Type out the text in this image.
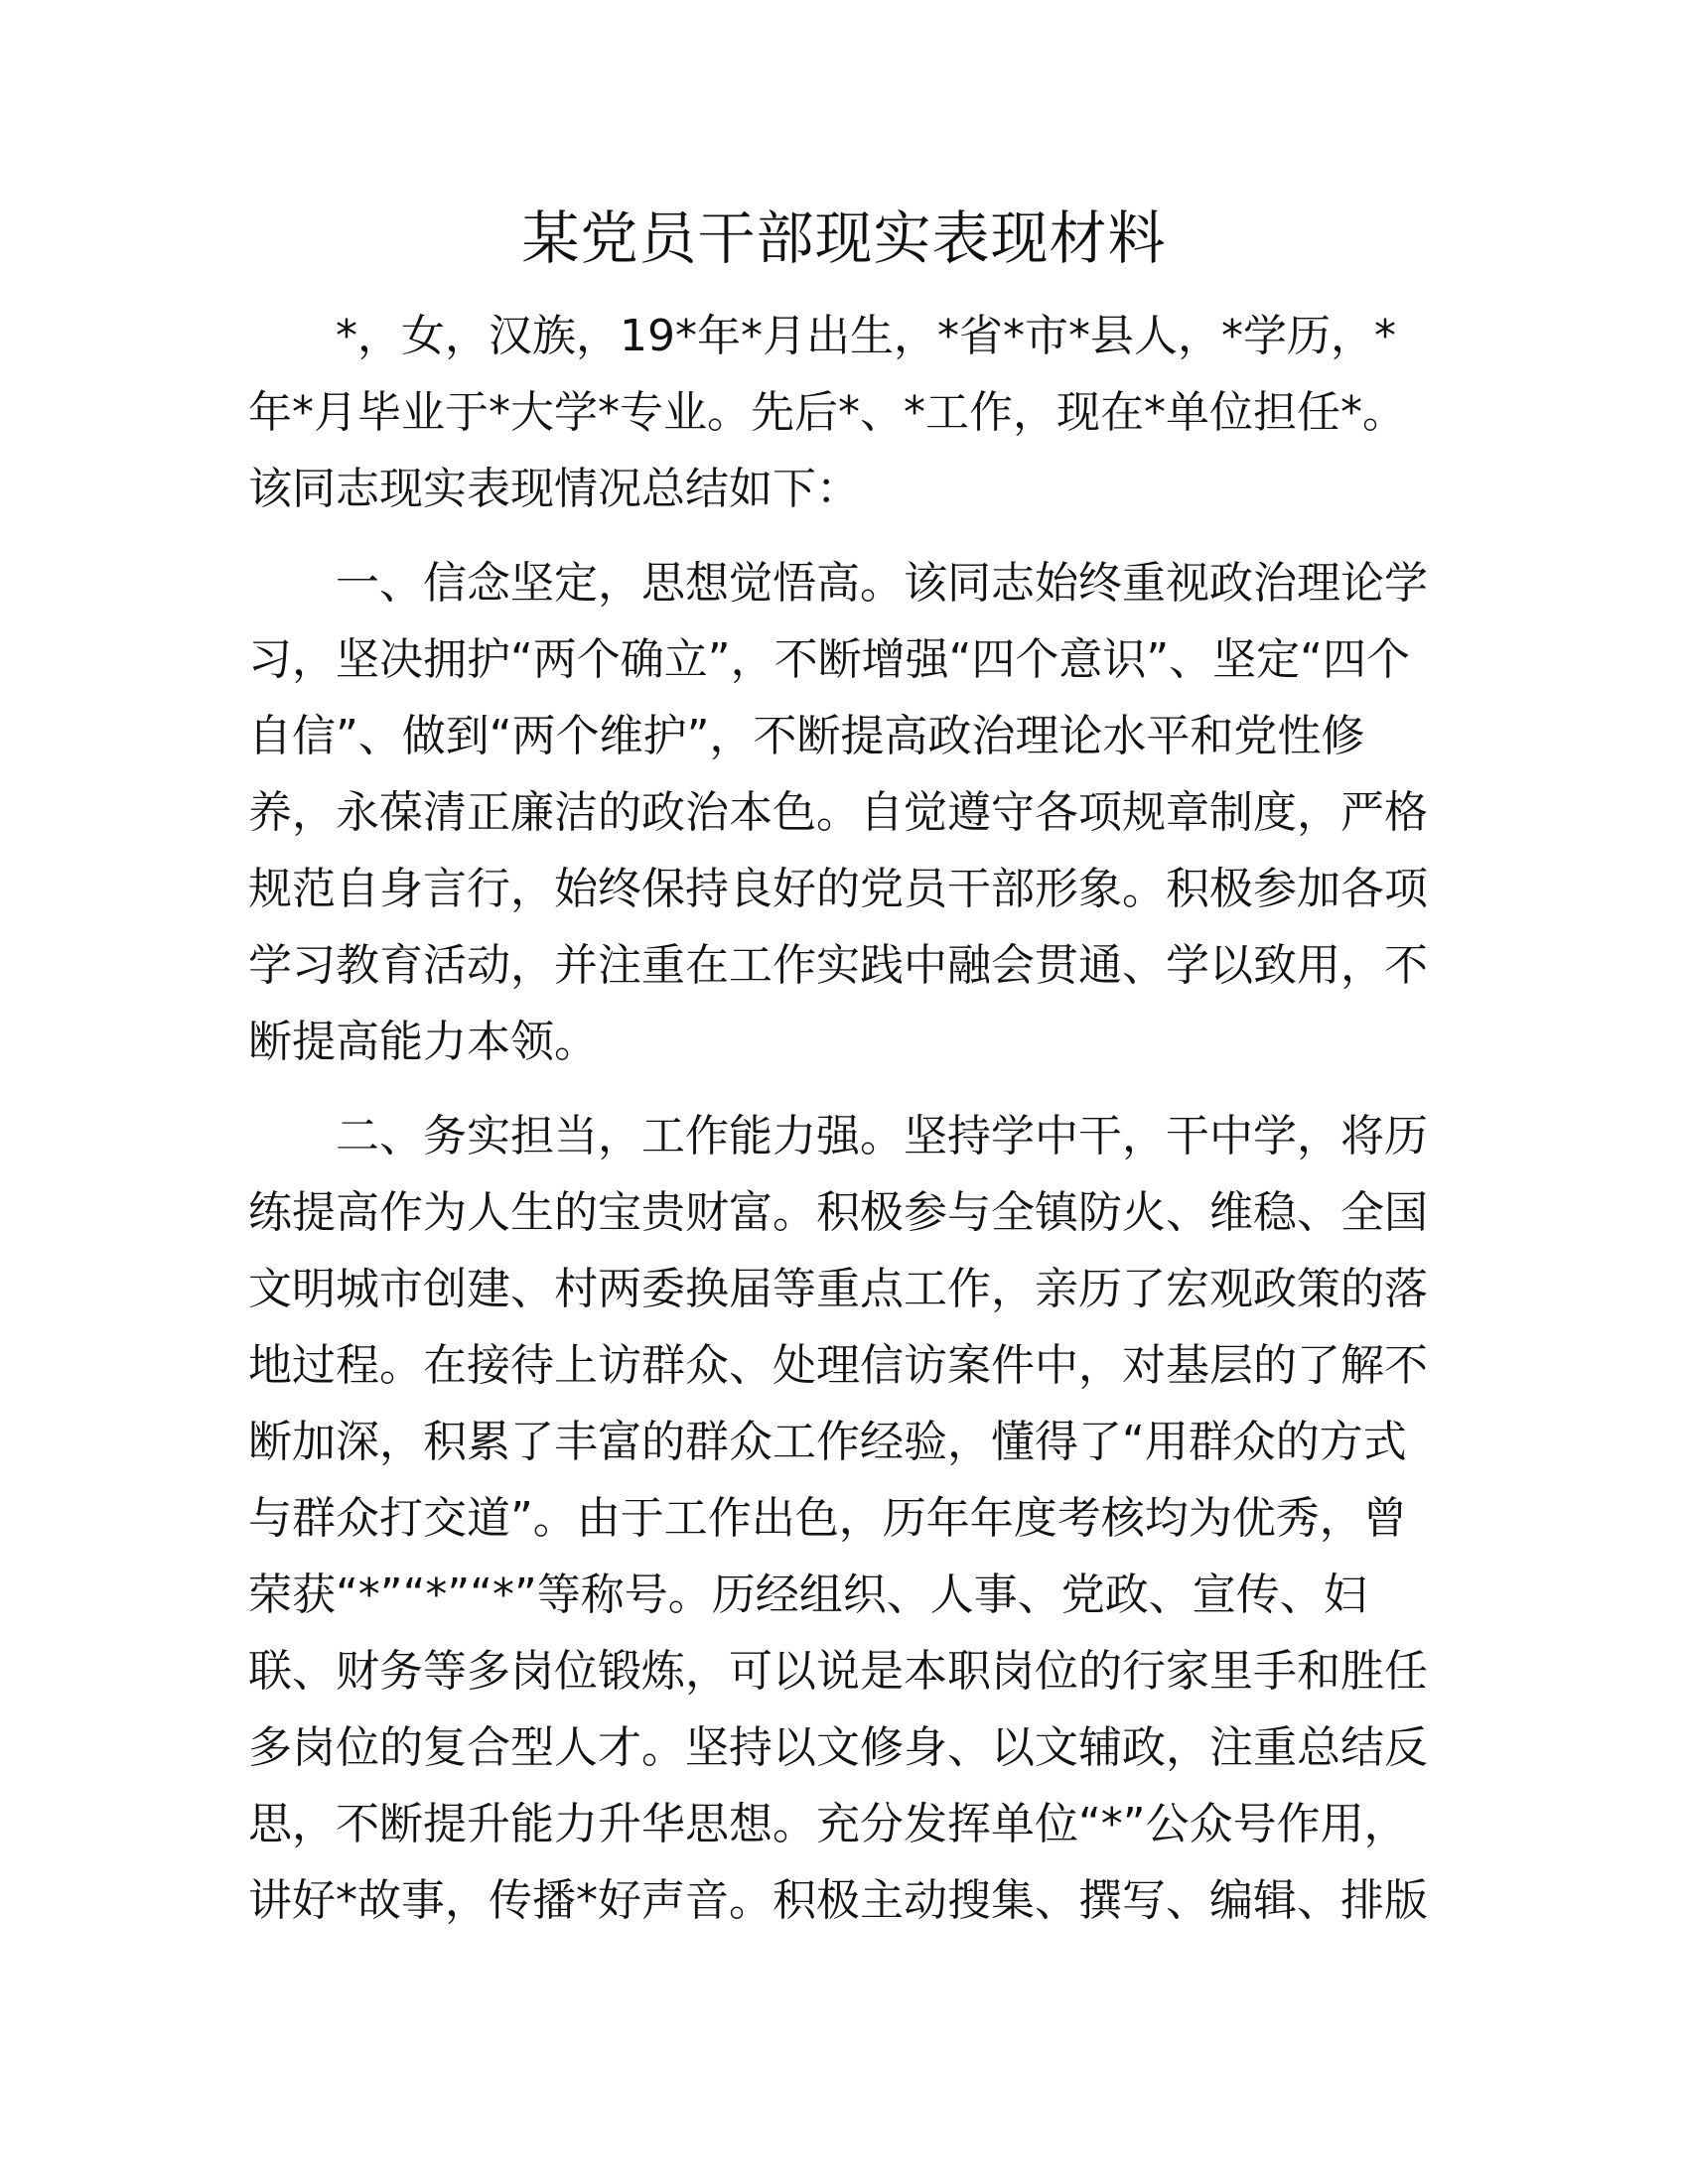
某党员干部现实表现材料

*，女，汉族，19*年*月出生，*省*市*县人，*学历，*
年*月毕业于*大学*专业。先后*、*工作，现在*单位担任*。
该同志现实表现情况总结如下：

一、信念坚定，思想觉悟高。该同志始终重视政治理论学
习，坚决拥护“两个确立”，不断增强“四个意识”、坚定“四个
自信”、做到“两个维护”，不断提高政治理论水平和党性修
养，永葆清正廉洁的政治本色。自觉遵守各项规章制度，严格
规范自身言行，始终保持良好的党员干部形象。积极参加各项
学习教育活动，并注重在工作实践中融会贯通、学以致用，不
断提高能力本领。

二、务实担当，工作能力强。坚持学中干，干中学，将历
练提高作为人生的宝贵财富。积极参与全镇防火、维稳、全国
文明城市创建、村两委换届等重点工作，亲历了宏观政策的落
地过程。在接待上访群众、处理信访案件中，对基层的了解不
断加深，积累了丰富的群众工作经验，懂得了“用群众的方式
与群众打交道”。由于工作出色，历年年度考核均为优秀，曾
荣获“*”“*”“*”等称号。历经组织、人事、党政、宣传、妇
联、财务等多岗位锻炼，可以说是本职岗位的行家里手和胜任
多岗位的复合型人才。坚持以文修身、以文辅政，注重总结反
思，不断提升能力升华思想。充分发挥单位“*”公众号作用，
讲好*故事，传播*好声音。积极主动搜集、撰写、编辑、排版
